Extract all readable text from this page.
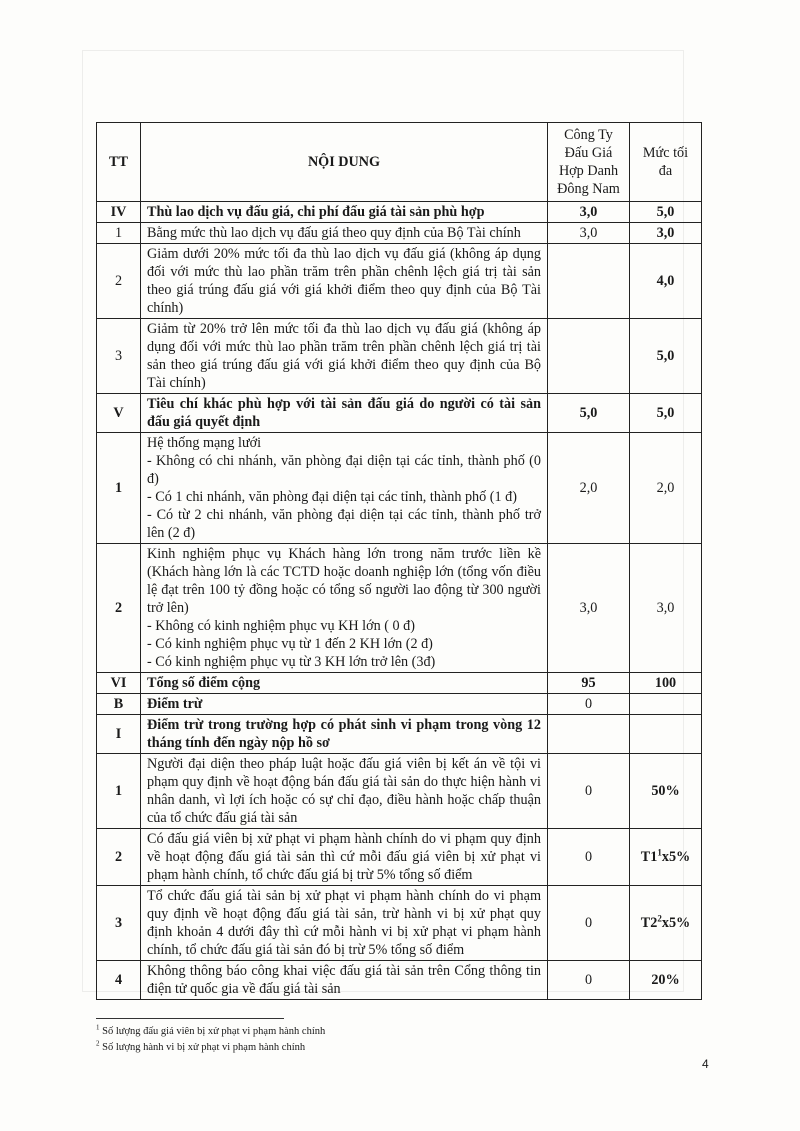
TT	NỘI DUNG	Công Ty Đấu Giá Hợp Danh Đông Nam	Mức tối đa
IV	Thù lao dịch vụ đấu giá, chi phí đấu giá tài sản phù hợp	3,0	5,0
1	Bằng mức thù lao dịch vụ đấu giá theo quy định của Bộ Tài chính	3,0	3,0
2	Giảm dưới 20% mức tối đa thù lao dịch vụ đấu giá (không áp dụng đối với mức thù lao phần trăm trên phần chênh lệch giá trị tài sản theo giá trúng đấu giá với giá khởi điểm theo quy định của Bộ Tài chính)		4,0
3	Giảm từ 20% trở lên mức tối đa thù lao dịch vụ đấu giá (không áp dụng đối với mức thù lao phần trăm trên phần chênh lệch giá trị tài sản theo giá trúng đấu giá với giá khởi điểm theo quy định của Bộ Tài chính)		5,0
V	Tiêu chí khác phù hợp với tài sản đấu giá do người có tài sản đấu giá quyết định	5,0	5,0
1	Hệ thống mạng lưới
- Không có chi nhánh, văn phòng đại diện tại các tỉnh, thành phố (0 đ)
- Có 1 chi nhánh, văn phòng đại diện tại các tỉnh, thành phố (1 đ)
- Có từ 2 chi nhánh, văn phòng đại diện tại các tỉnh, thành phố trở lên (2 đ)	2,0	2,0
2	Kinh nghiệm phục vụ Khách hàng lớn trong năm trước liền kề (Khách hàng lớn là các TCTD hoặc doanh nghiệp lớn (tổng vốn điều lệ đạt trên 100 tỷ đồng hoặc có tổng số người lao động từ 300 người trở lên)
- Không có kinh nghiệm phục vụ KH lớn ( 0 đ)
- Có kinh nghiệm phục vụ từ 1 đến 2 KH lớn (2 đ)
- Có kinh nghiệm phục vụ từ 3 KH lớn trở lên (3đ)	3,0	3,0
VI	Tổng số điểm cộng	95	100
B	Điểm trừ	0	
I	Điểm trừ trong trường hợp có phát sinh vi phạm trong vòng 12 tháng tính đến ngày nộp hồ sơ		
1	Người đại diện theo pháp luật hoặc đấu giá viên bị kết án về tội vi phạm quy định về hoạt động bán đấu giá tài sản do thực hiện hành vi nhân danh, vì lợi ích hoặc có sự chỉ đạo, điều hành hoặc chấp thuận của tổ chức đấu giá tài sản	0	50%
2	Có đấu giá viên bị xử phạt vi phạm hành chính do vi phạm quy định về hoạt động đấu giá tài sản thì cứ mỗi đấu giá viên bị xử phạt vi phạm hành chính, tổ chức đấu giá bị trừ 5% tổng số điểm	0	$T1^1x5\%$
3	Tổ chức đấu giá tài sản bị xử phạt vi phạm hành chính do vi phạm quy định về hoạt động đấu giá tài sản, trừ hành vi bị xử phạt quy định khoản 4 dưới đây thì cứ mỗi hành vi bị xử phạt vi phạm hành chính, tổ chức đấu giá tài sản đó bị trừ 5% tổng số điểm	0	$T2^2x5\%$
4	Không thông báo công khai việc đấu giá tài sản trên Cổng thông tin điện tử quốc gia về đấu giá tài sản	0	20%
$^1$ Số lượng đấu giá viên bị xử phạt vi phạm hành chính
$^2$ Số lượng hành vi bị xử phạt vi phạm hành chính
4
